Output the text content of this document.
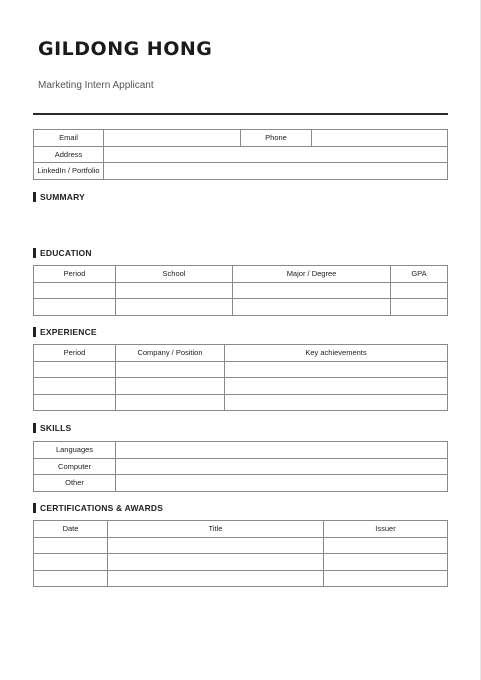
GILDONG HONG
Marketing Intern Applicant
Email		Phone	
Address			
LinkedIn / Portfolio			
SUMMARY
EDUCATION
Period	School	Major / Degree	GPA

EXPERIENCE
Period	Company / Position	Key achievements

SKILLS
Languages	
Computer	
Other	
CERTIFICATIONS & AWARDS
Date	Title	Issuer
